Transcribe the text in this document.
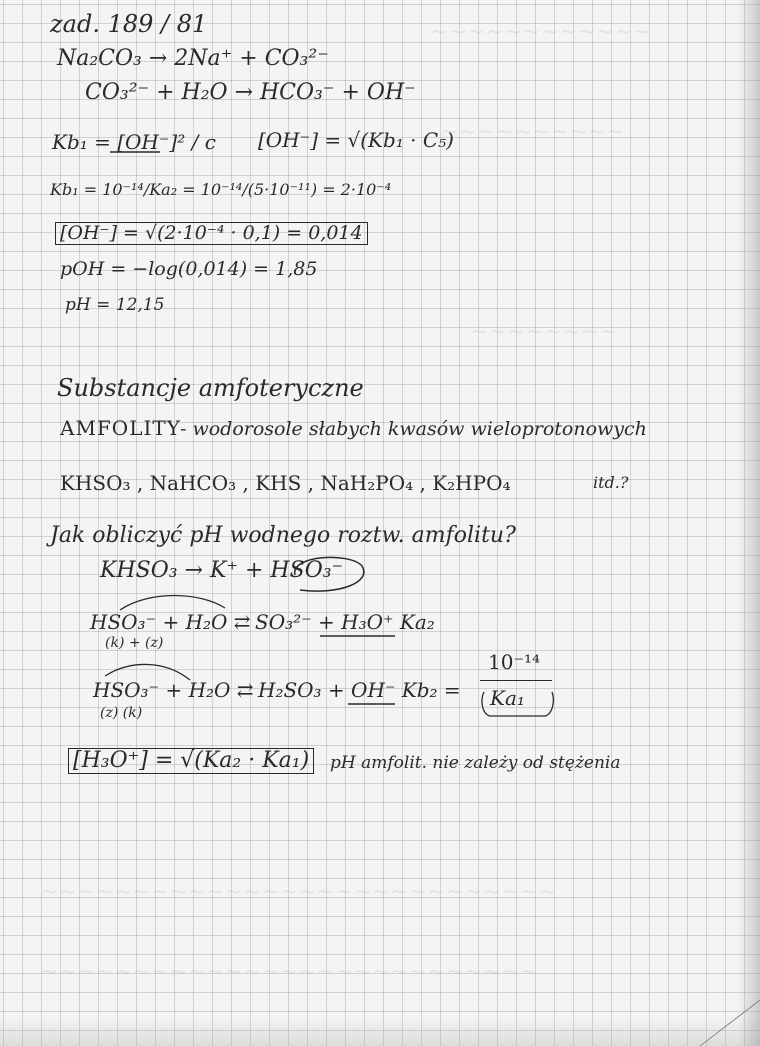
~~~~~~~~~~~~
~~~~~~~~~~
~~~~~~~~
~~~~~~~~~~~~~~~~~~~~~~~~~~~~
~~~~~~~~~~~~~~~~~~~~~~~~~~~
zad. 189 / 81
Na₂CO₃ → 2Na⁺ + CO₃²⁻
CO₃²⁻ + H₂O → HCO₃⁻ + OH⁻
Kb₁ = [OH⁻]² / c [OH⁻] = √(Kb₁ · C₅)
Kb₁ = 10⁻¹⁴/Ka₂ = 10⁻¹⁴/(5·10⁻¹¹) = 2·10⁻⁴
[OH⁻] = √(2·10⁻⁴ · 0,1) = 0,014
pOH = −log(0,014) = 1,85
pH = 12,15
Substancje amfoteryczne
AMFOLITY - wodorosole słabych kwasów wieloprotonowych
KHSO₃ , NaHCO₃ , KHS , NaH₂PO₄ , K₂HPO₄	itd.?
Jak obliczyć pH wodnego roztw. amfolitu?
KHSO₃ → K⁺ + HSO₃⁻
HSO₃⁻ + H₂O ⇄ SO₃²⁻ + H₃O⁺ Ka₂
(k) + (z)
HSO₃⁻ + H₂O ⇄ H₂SO₃ + OH⁻ Kb₂ =
(z) (k)
10⁻¹⁴
Ka₁
[H₃O⁺] = √(Ka₂ · Ka₁) pH amfolit. nie zależy od stężenia
